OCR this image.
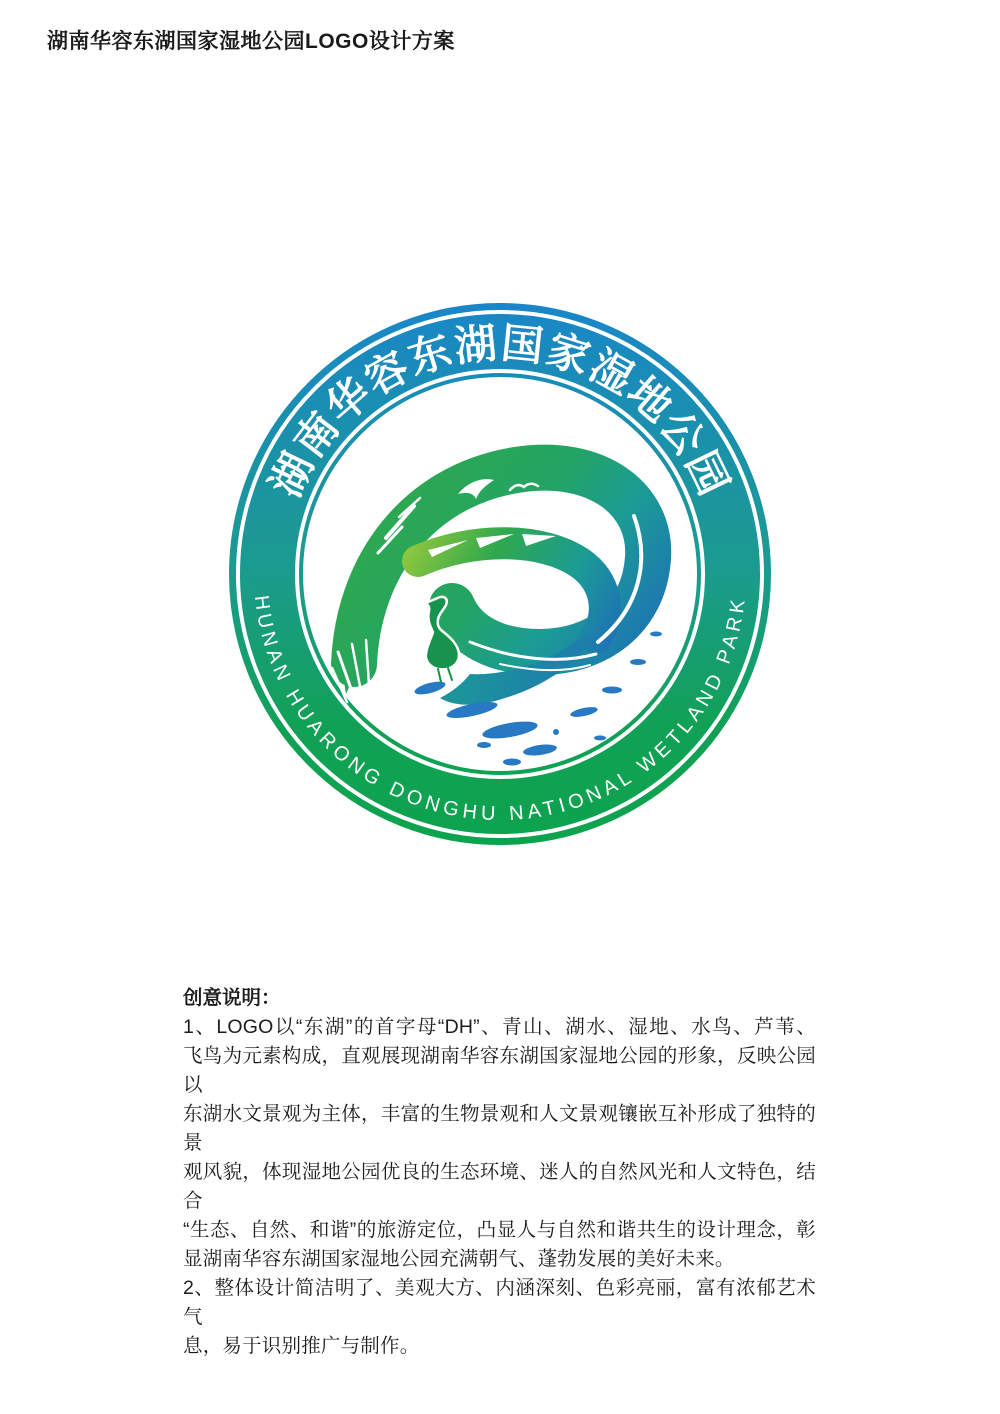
湖南华容东湖国家湿地公园LOGO设计方案
湖南华容东湖国家湿地公园
HUNAN HUARONG DONGHU NATIONAL WETLAND PARK
创意说明：
1、LOGO以“东湖”的首字母“DH”、青山、湖水、湿地、水鸟、芦苇、
飞鸟为元素构成，直观展现湖南华容东湖国家湿地公园的形象，反映公园以
东湖水文景观为主体，丰富的生物景观和人文景观镶嵌互补形成了独特的景
观风貌，体现湿地公园优良的生态环境、迷人的自然风光和人文特色，结合
“生态、自然、和谐”的旅游定位，凸显人与自然和谐共生的设计理念，彰
显湖南华容东湖国家湿地公园充满朝气、蓬勃发展的美好未来。
2、整体设计简洁明了、美观大方、内涵深刻、色彩亮丽，富有浓郁艺术气
息，易于识别推广与制作。
